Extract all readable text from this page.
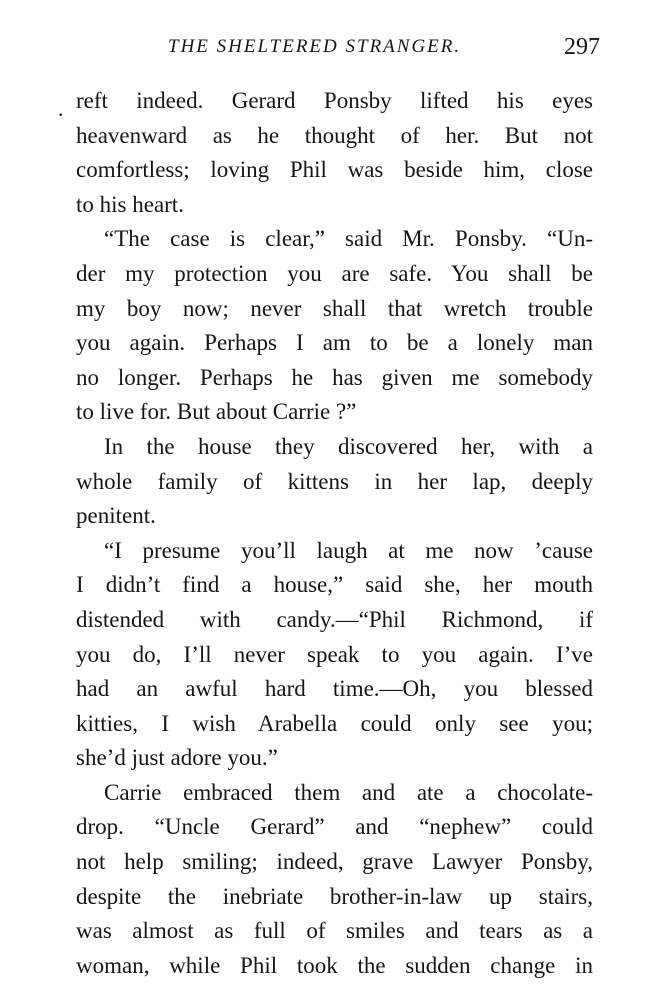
THE SHELTERED STRANGER.	297
. reft indeed. Gerard Ponsby lifted his eyes
heavenward as he thought of her. But not
comfortless; loving Phil was beside him, close
to his heart.
“The case is clear,” said Mr. Ponsby. “Un-
der my protection you are safe. You shall be
my boy now; never shall that wretch trouble
you again. Perhaps I am to be a lonely man
no longer. Perhaps he has given me somebody
to live for. But about Carrie ?”
In the house they discovered her, with a
whole family of kittens in her lap, deeply
penitent.
“I presume you’ll laugh at me now ’cause
I didn’t find a house,” said she, her mouth
distended with candy.—“Phil Richmond, if
you do, I’ll never speak to you again. I’ve
had an awful hard time.—Oh, you blessed
kitties, I wish Arabella could only see you;
she’d just adore you.”
Carrie embraced them and ate a chocolate-
drop. “Uncle Gerard” and “nephew” could
not help smiling; indeed, grave Lawyer Ponsby,
despite the inebriate brother-in-law up stairs,
was almost as full of smiles and tears as a
woman, while Phil took the sudden change in
